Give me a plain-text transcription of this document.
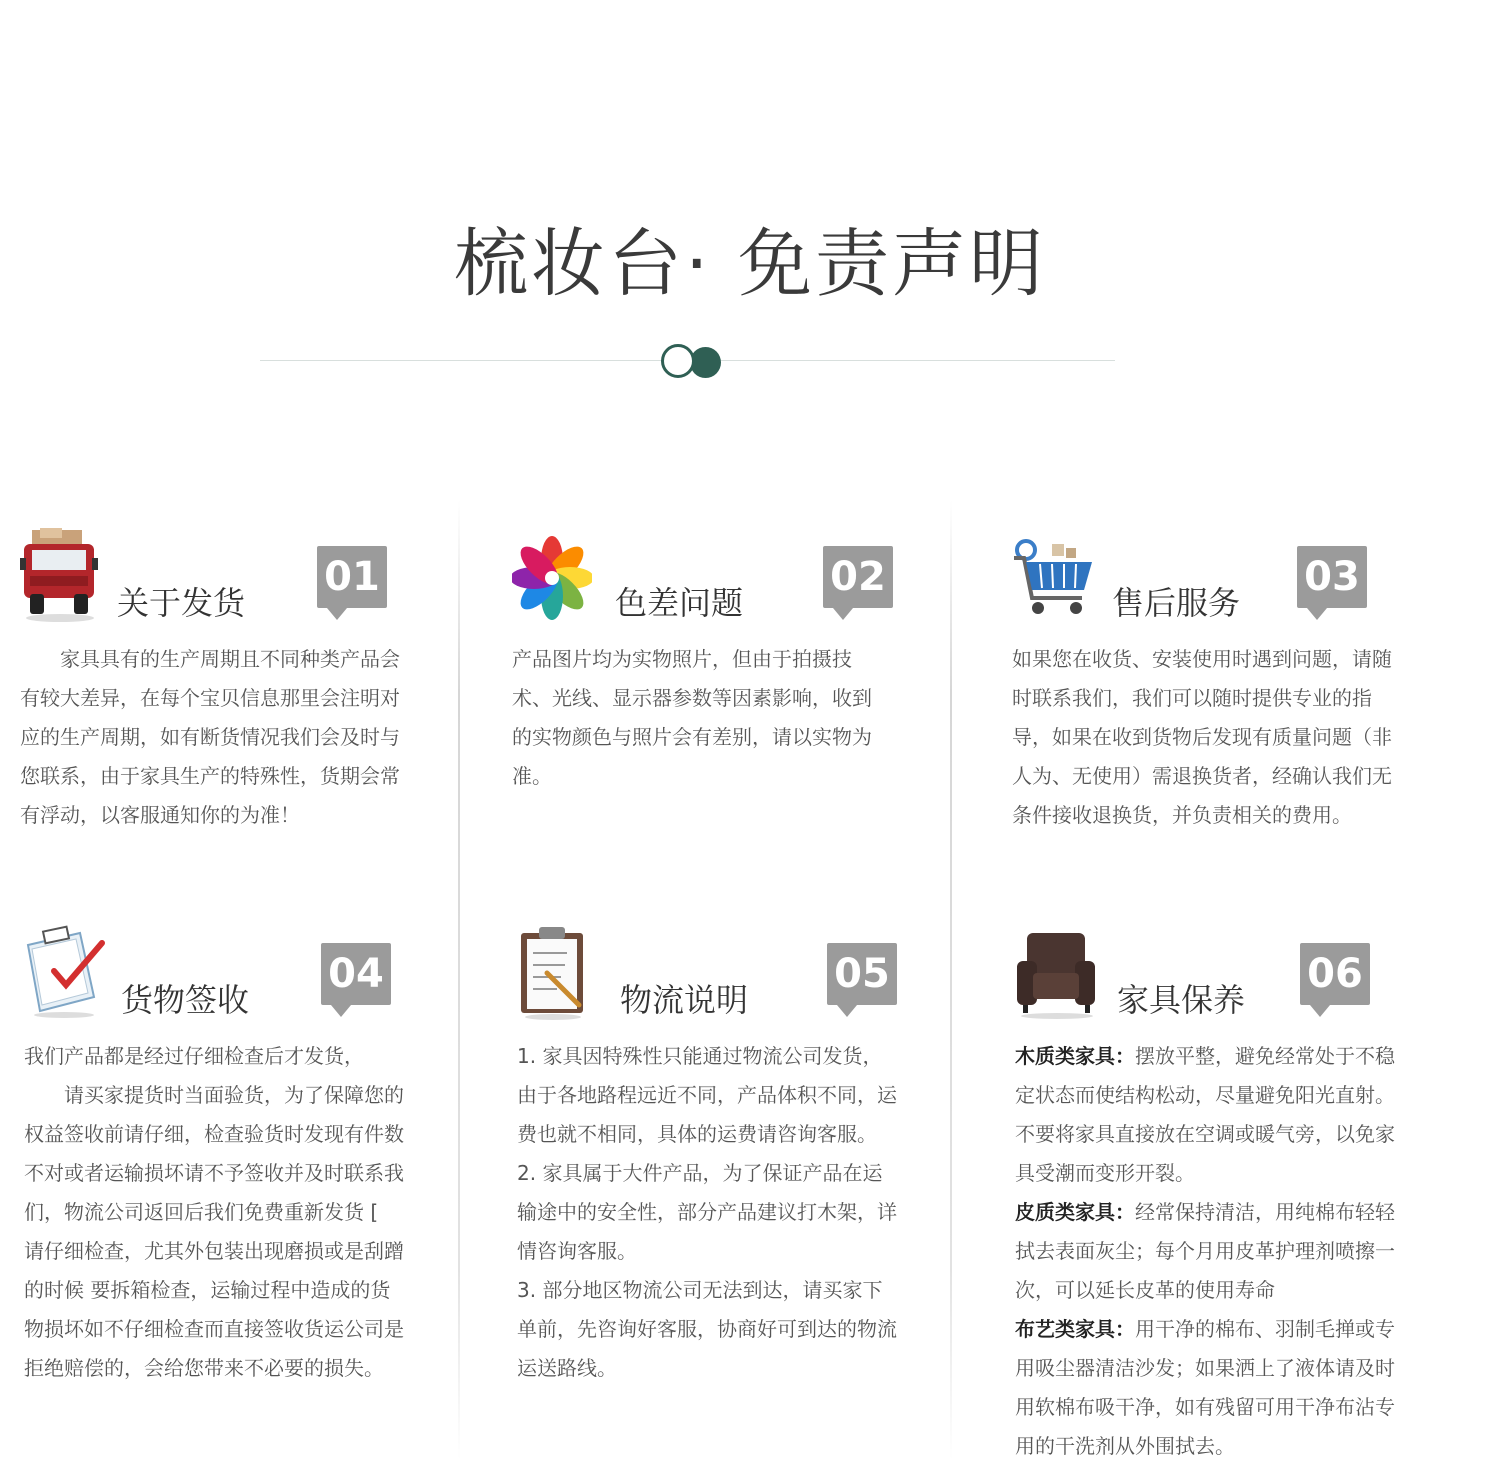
梳妆台· 免责声明
关于发货
01

家具具有的生产周期且不同种类产品会有较大差异，在每个宝贝信息那里会注明对应的生产周期，如有断货情况我们会及时与您联系，由于家具生产的特殊性，货期会常有浮动，以客服通知你的为准！

色差问题
02

产品图片均为实物照片，但由于拍摄技术、光线、显示器参数等因素影响，收到的实物颜色与照片会有差别，请以实物为准。

售后服务
03

如果您在收货、安装使用时遇到问题，请随时联系我们，我们可以随时提供专业的指导，如果在收到货物后发现有质量问题（非人为、无使用）需退换货者，经确认我们无条件接收退换货，并负责相关的费用。

货物签收
04

我们产品都是经过仔细检查后才发货，

请买家提货时当面验货，为了保障您的权益签收前请仔细，检查验货时发现有件数不对或者运输损坏请不予签收并及时联系我们，物流公司返回后我们免费重新发货 [ 请仔细检查，尤其外包装出现磨损或是刮蹭的时候 要拆箱检查，运输过程中造成的货物损坏如不仔细检查而直接签收货运公司是拒绝赔偿的，会给您带来不必要的损失。

物流说明
05

1. 家具因特殊性只能通过物流公司发货，由于各地路程远近不同，产品体积不同，运费也就不相同，具体的运费请咨询客服。

2. 家具属于大件产品，为了保证产品在运输途中的安全性，部分产品建议打木架，详情咨询客服。

3. 部分地区物流公司无法到达，请买家下单前，先咨询好客服，协商好可到达的物流运送路线。

家具保养
06

木质类家具：摆放平整，避免经常处于不稳定状态而使结构松动，尽量避免阳光直射。不要将家具直接放在空调或暖气旁，以免家具受潮而变形开裂。

皮质类家具：经常保持清洁，用纯棉布轻轻拭去表面灰尘；每个月用皮革护理剂喷擦一次，可以延长皮革的使用寿命

布艺类家具：用干净的棉布、羽制毛掸或专用吸尘器清洁沙发；如果洒上了液体请及时用软棉布吸干净，如有残留可用干净布沾专用的干洗剂从外围拭去。
